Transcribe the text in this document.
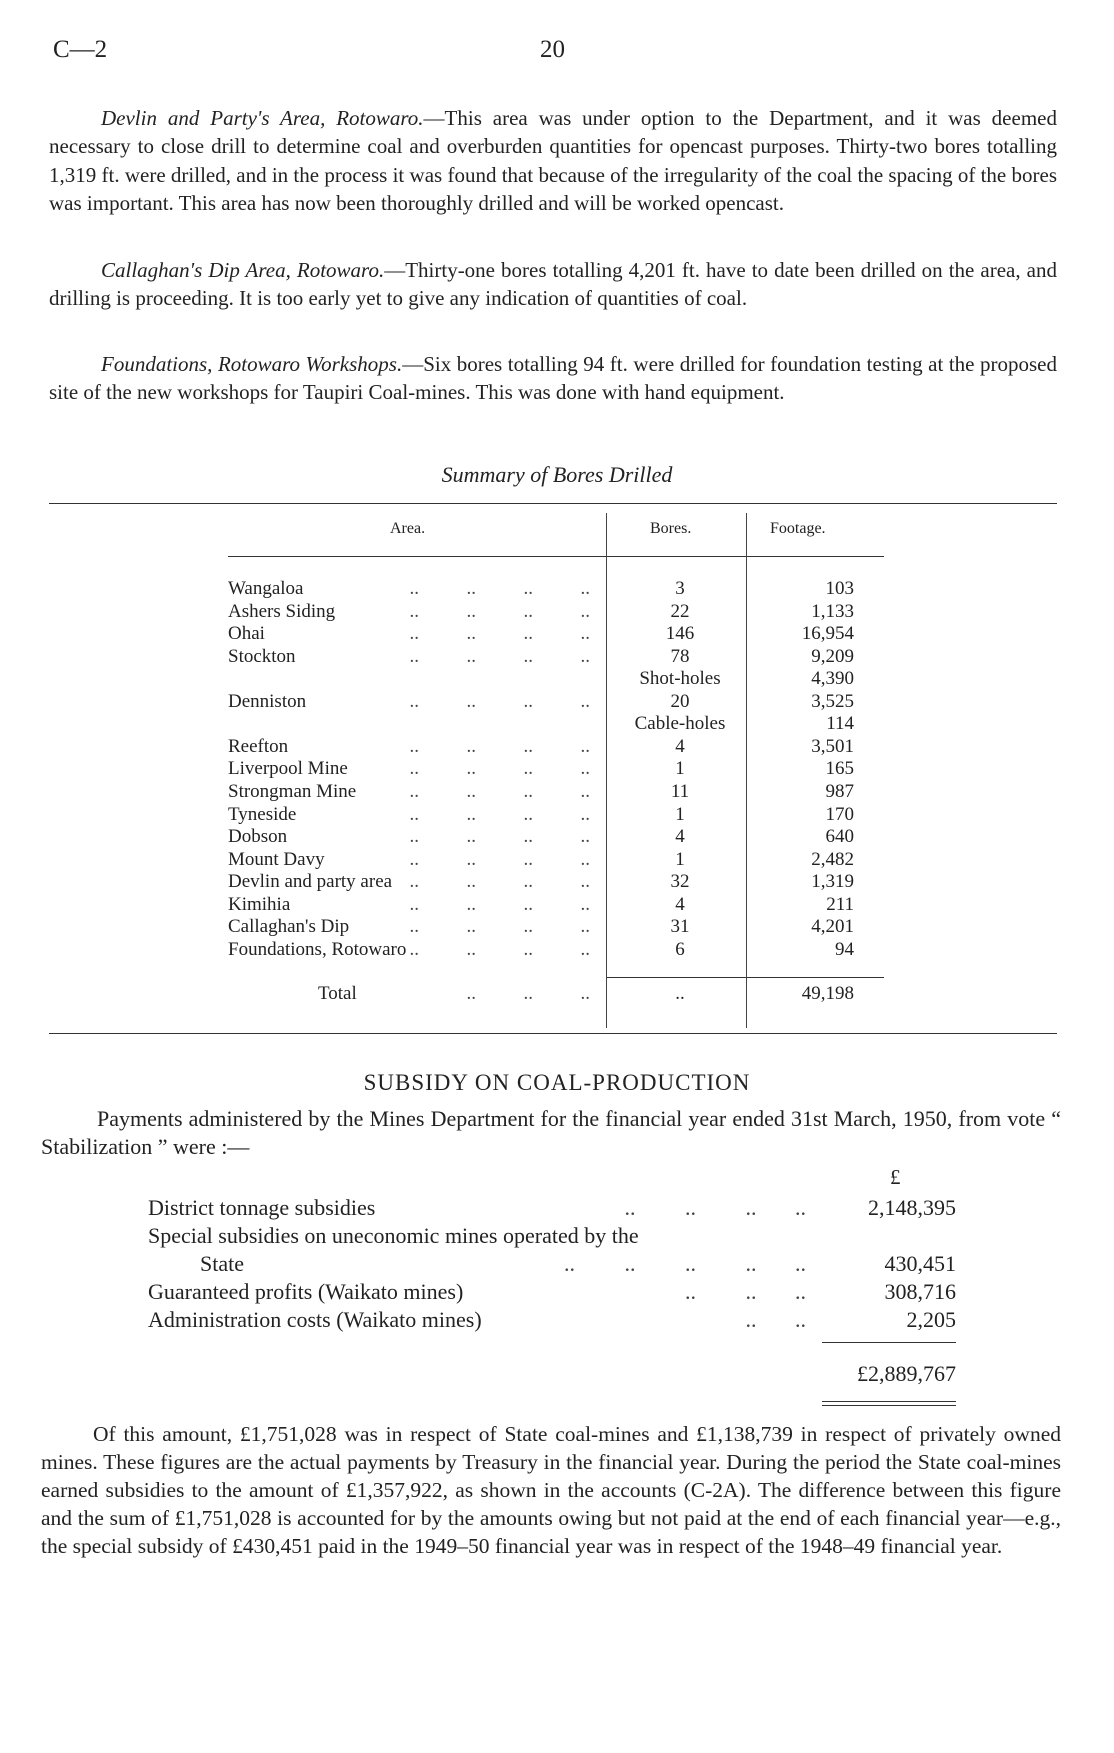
C—2	20

Devlin and Party's Area, Rotowaro.—This area was under option to the Department, and it was deemed necessary to close drill to determine coal and overburden quantities for opencast purposes. Thirty-two bores totalling 1,319 ft. were drilled, and in the process it was found that because of the irregularity of the coal the spacing of the bores was important. This area has now been thoroughly drilled and will be worked opencast.

Callaghan's Dip Area, Rotowaro.—Thirty-one bores totalling 4,201 ft. have to date been drilled on the area, and drilling is proceeding. It is too early yet to give any indication of quantities of coal.

Foundations, Rotowaro Workshops.—Six bores totalling 94 ft. were drilled for foundation testing at the proposed site of the new workshops for Taupiri Coal-mines. This was done with hand equipment.

Summary of Bores Drilled
Area.	Bores.	Footage.
..          ..          ..          ..
Wangaloa	3	103
..          ..          ..          ..
Ashers Siding	22	1,133
..          ..          ..          ..
Ohai	146	16,954
..          ..          ..          ..
Stockton	78	9,209
Shot-holes	4,390
..          ..          ..          ..
Denniston	20	3,525
Cable-holes	114
..          ..          ..          ..
Reefton	4	3,501
..          ..          ..          ..
Liverpool Mine	1	165
..          ..          ..          ..
Strongman Mine	11	987
..          ..          ..          ..
Tyneside	1	170
..          ..          ..          ..
Dobson	4	640
..          ..          ..          ..
Mount Davy	1	2,482
..          ..          ..          ..
Devlin and party area	32	1,319
..          ..          ..          ..
Kimihia	4	211
..          ..          ..          ..
Callaghan's Dip	31	4,201
..          ..          ..          ..
Foundations, Rotowaro	6	94
..          ..          ..
Total	..	49,198
SUBSIDY ON COAL-PRODUCTION

Payments administered by the Mines Department for the financial year ended 31st March, 1950, from vote “ Stabilization ” were :—

£
District tonnage subsidies	..         ..         ..       ..	2,148,395
Special subsidies on uneconomic mines operated by the
State	..         ..         ..         ..       ..	430,451
Guaranteed profits (Waikato mines)	..         ..       ..	308,716
Administration costs (Waikato mines)	..       ..	2,205
£2,889,767

Of this amount, £1,751,028 was in respect of State coal-mines and £1,138,739 in respect of privately owned mines. These figures are the actual payments by Treasury in the financial year. During the period the State coal-mines earned subsidies to the amount of £1,357,922, as shown in the accounts (C-2A). The difference between this figure and the sum of £1,751,028 is accounted for by the amounts owing but not paid at the end of each financial year—e.g., the special subsidy of £430,451 paid in the 1949–50 financial year was in respect of the 1948–49 financial year.
